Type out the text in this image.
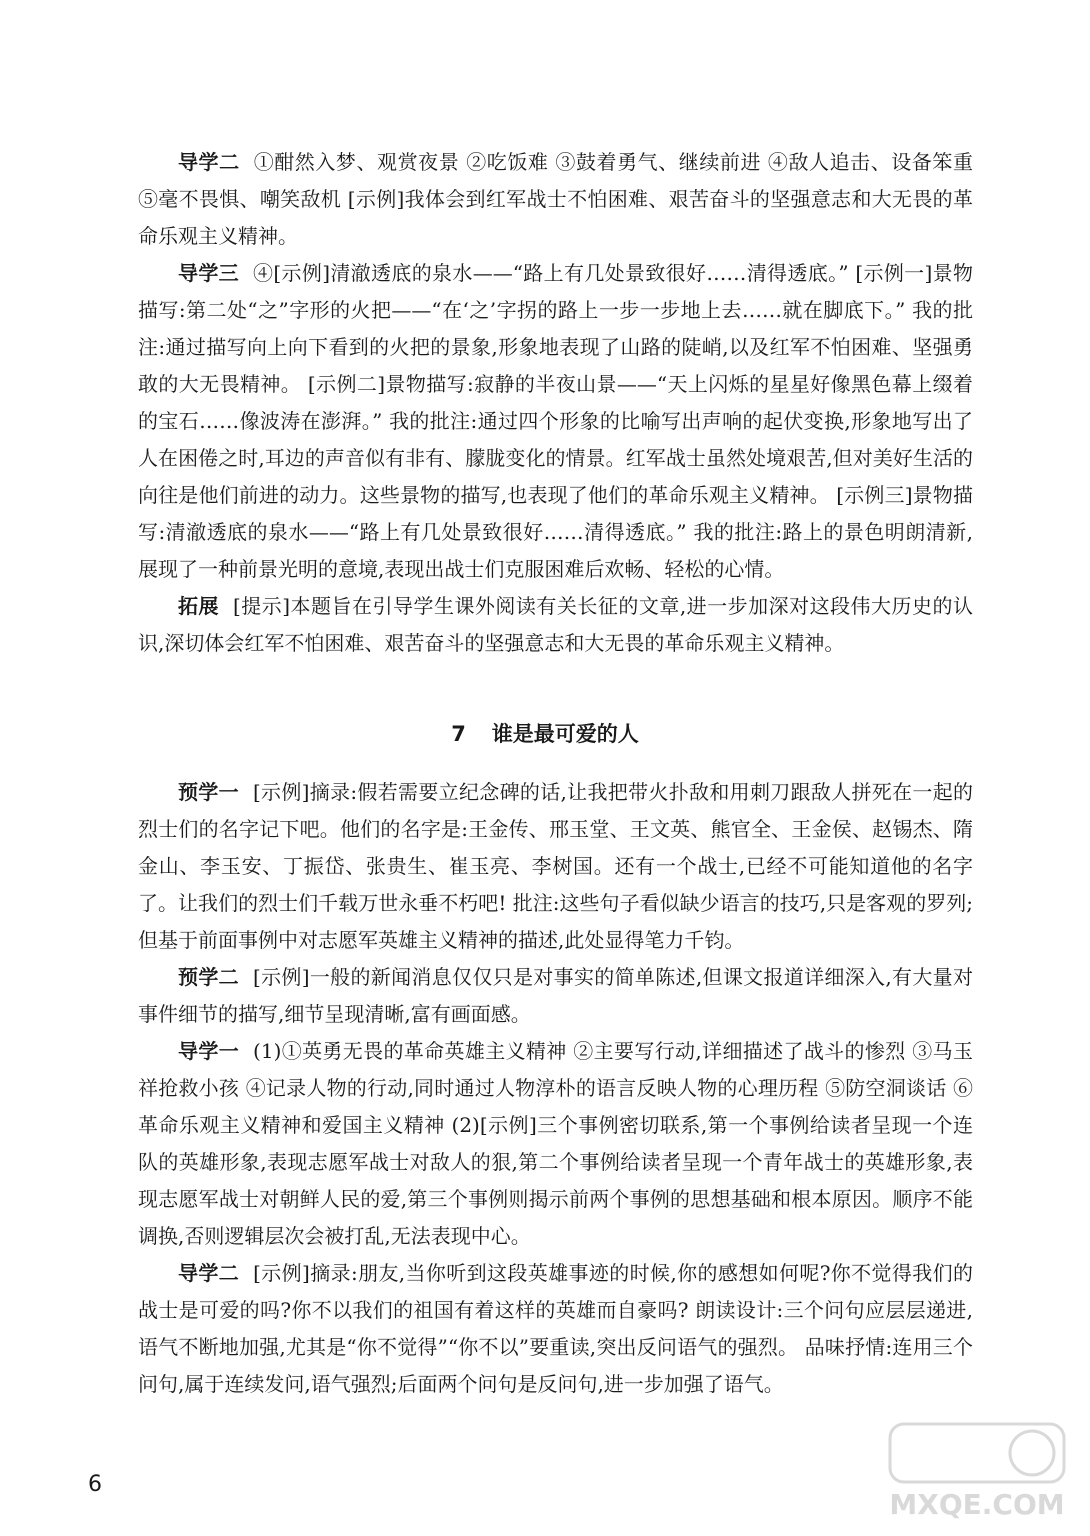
导学二 ①酣然入梦、观赏夜景 ②吃饭难 ③鼓着勇气、继续前进 ④敌人追击、设备笨重 ⑤毫不畏惧、嘲笑敌机 [示例]我体会到红军战士不怕困难、艰苦奋斗的坚强意志和大无畏的革命乐观主义精神。

导学三 ④[示例]清澈透底的泉水——“路上有几处景致很好……清得透底。” [示例一]景物描写:第二处“之”字形的火把——“在‘之’字拐的路上一步一步地上去……就在脚底下。” 我的批注:通过描写向上向下看到的火把的景象,形象地表现了山路的陡峭,以及红军不怕困难、坚强勇敢的大无畏精神。 [示例二]景物描写:寂静的半夜山景——“天上闪烁的星星好像黑色幕上缀着的宝石……像波涛在澎湃。” 我的批注:通过四个形象的比喻写出声响的起伏变换,形象地写出了人在困倦之时,耳边的声音似有非有、朦胧变化的情景。红军战士虽然处境艰苦,但对美好生活的向往是他们前进的动力。这些景物的描写,也表现了他们的革命乐观主义精神。 [示例三]景物描写:清澈透底的泉水——“路上有几处景致很好……清得透底。” 我的批注:路上的景色明朗清新,展现了一种前景光明的意境,表现出战士们克服困难后欢畅、轻松的心情。

拓展 [提示]本题旨在引导学生课外阅读有关长征的文章,进一步加深对这段伟大历史的认识,深切体会红军不怕困难、艰苦奋斗的坚强意志和大无畏的革命乐观主义精神。

7 谁是最可爱的人

预学一 [示例]摘录:假若需要立纪念碑的话,让我把带火扑敌和用刺刀跟敌人拼死在一起的烈士们的名字记下吧。他们的名字是:王金传、邢玉堂、王文英、熊官全、王金侯、赵锡杰、隋金山、李玉安、丁振岱、张贵生、崔玉亮、李树国。还有一个战士,已经不可能知道他的名字了。让我们的烈士们千载万世永垂不朽吧! 批注:这些句子看似缺少语言的技巧,只是客观的罗列;但基于前面事例中对志愿军英雄主义精神的描述,此处显得笔力千钧。

预学二 [示例]一般的新闻消息仅仅只是对事实的简单陈述,但课文报道详细深入,有大量对事件细节的描写,细节呈现清晰,富有画面感。

导学一 (1)①英勇无畏的革命英雄主义精神 ②主要写行动,详细描述了战斗的惨烈 ③马玉祥抢救小孩 ④记录人物的行动,同时通过人物淳朴的语言反映人物的心理历程 ⑤防空洞谈话 ⑥革命乐观主义精神和爱国主义精神 (2)[示例]三个事例密切联系,第一个事例给读者呈现一个连队的英雄形象,表现志愿军战士对敌人的狠,第二个事例给读者呈现一个青年战士的英雄形象,表现志愿军战士对朝鲜人民的爱,第三个事例则揭示前两个事例的思想基础和根本原因。顺序不能调换,否则逻辑层次会被打乱,无法表现中心。

导学二 [示例]摘录:朋友,当你听到这段英雄事迹的时候,你的感想如何呢?你不觉得我们的战士是可爱的吗?你不以我们的祖国有着这样的英雄而自豪吗? 朗读设计:三个问句应层层递进,语气不断地加强,尤其是“你不觉得”“你不以”要重读,突出反问语气的强烈。 品味抒情:连用三个问句,属于连续发问,语气强烈;后面两个问句是反问句,进一步加强了语气。

6
MXQE.COM
